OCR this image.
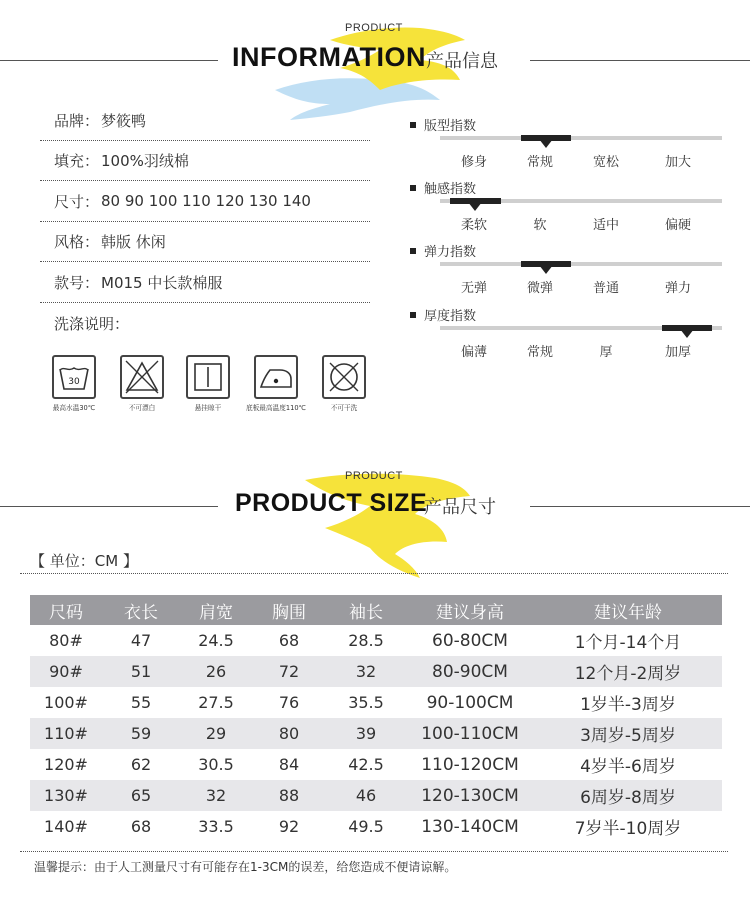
PRODUCT
INFORMATION 产品信息
品牌： 梦筱鸭
填充： 100%羽绒棉
尺寸： 80 90 100 110 120 130 140
风格： 韩版 休闲
款号： M015 中长款棉服
洗涤说明：
30
最高水温30℃	不可漂白	悬挂晾干	底板最高温度110℃	不可干洗
版型指数
修身	常规	宽松	加大
触感指数
柔软	软	适中	偏硬
弹力指数
无弹	微弹	普通	弹力
厚度指数
偏薄	常规	厚	加厚
PRODUCT
PRODUCT SIZE
产品尺寸
【 单位：CM 】
尺码	衣长	肩宽	胸围	袖长	建议身高	建议年龄
80#	47	24.5	68	28.5	60-80CM	1个月-14个月
90#	51	26	72	32	80-90CM	12个月-2周岁
100#	55	27.5	76	35.5	90-100CM	1岁半-3周岁
110#	59	29	80	39	100-110CM	3周岁-5周岁
120#	62	30.5	84	42.5	110-120CM	4岁半-6周岁
130#	65	32	88	46	120-130CM	6周岁-8周岁
140#	68	33.5	92	49.5	130-140CM	7岁半-10周岁
温馨提示：由于人工测量尺寸有可能存在1-3CM的误差，给您造成不便请谅解。
